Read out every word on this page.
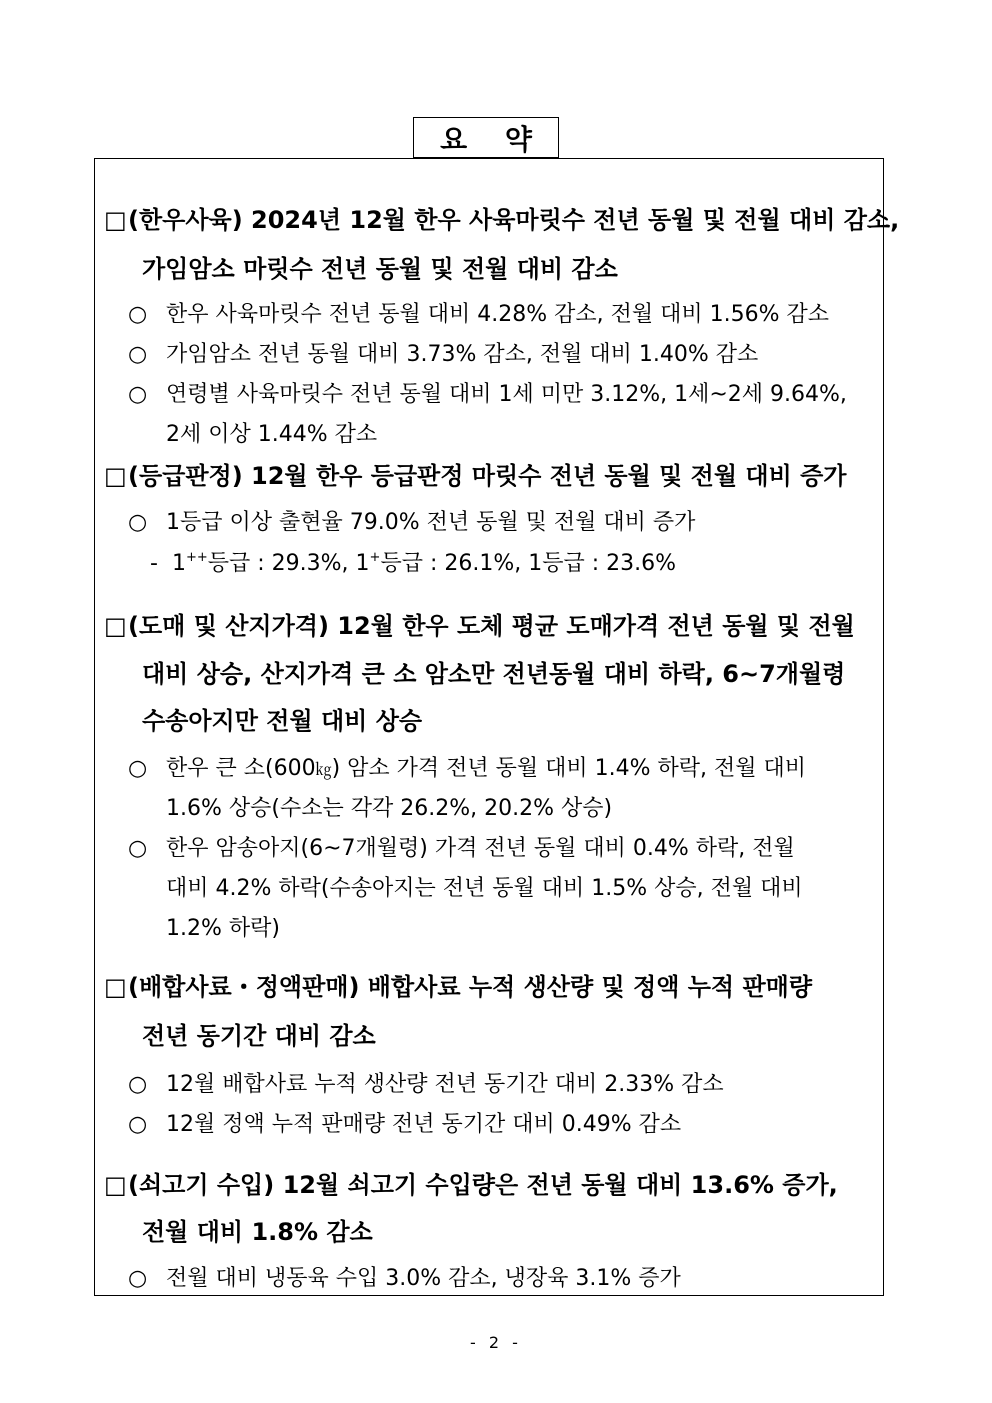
요 약
□(한우사육) 2024년 12월 한우 사육마릿수 전년 동월 및 전월 대비 감소,
가임암소 마릿수 전년 동월 및 전월 대비 감소
○ 한우 사육마릿수 전년 동월 대비 4.28% 감소, 전월 대비 1.56% 감소
○ 가임암소 전년 동월 대비 3.73% 감소, 전월 대비 1.40% 감소
○ 연령별 사육마릿수 전년 동월 대비 1세 미만 3.12%, 1세~2세 9.64%,
2세 이상 1.44% 감소
□(등급판정) 12월 한우 등급판정 마릿수 전년 동월 및 전월 대비 증가
○ 1등급 이상 출현율 79.0% 전년 동월 및 전월 대비 증가
- 1++등급 : 29.3%, 1+등급 : 26.1%, 1등급 : 23.6%
□(도매 및 산지가격) 12월 한우 도체 평균 도매가격 전년 동월 및 전월
대비 상승, 산지가격 큰 소 암소만 전년동월 대비 하락, 6~7개월령
수송아지만 전월 대비 상승
○ 한우 큰 소(600㎏) 암소 가격 전년 동월 대비 1.4% 하락, 전월 대비
1.6% 상승(수소는 각각 26.2%, 20.2% 상승)
○ 한우 암송아지(6~7개월령) 가격 전년 동월 대비 0.4% 하락, 전월
대비 4.2% 하락(수송아지는 전년 동월 대비 1.5% 상승, 전월 대비
1.2% 하락)
□(배합사료・정액판매) 배합사료 누적 생산량 및 정액 누적 판매량
전년 동기간 대비 감소
○ 12월 배합사료 누적 생산량 전년 동기간 대비 2.33% 감소
○ 12월 정액 누적 판매량 전년 동기간 대비 0.49% 감소
□(쇠고기 수입) 12월 쇠고기 수입량은 전년 동월 대비 13.6% 증가,
전월 대비 1.8% 감소
○ 전월 대비 냉동육 수입 3.0% 감소, 냉장육 3.1% 증가
- 2 -
